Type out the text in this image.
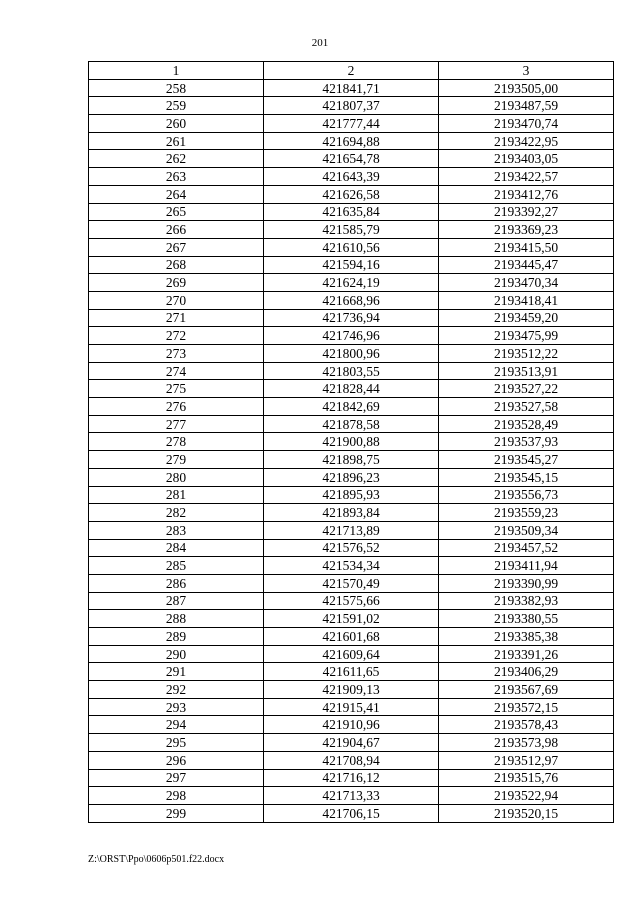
201
1	2	3
258	421841,71	2193505,00
259	421807,37	2193487,59
260	421777,44	2193470,74
261	421694,88	2193422,95
262	421654,78	2193403,05
263	421643,39	2193422,57
264	421626,58	2193412,76
265	421635,84	2193392,27
266	421585,79	2193369,23
267	421610,56	2193415,50
268	421594,16	2193445,47
269	421624,19	2193470,34
270	421668,96	2193418,41
271	421736,94	2193459,20
272	421746,96	2193475,99
273	421800,96	2193512,22
274	421803,55	2193513,91
275	421828,44	2193527,22
276	421842,69	2193527,58
277	421878,58	2193528,49
278	421900,88	2193537,93
279	421898,75	2193545,27
280	421896,23	2193545,15
281	421895,93	2193556,73
282	421893,84	2193559,23
283	421713,89	2193509,34
284	421576,52	2193457,52
285	421534,34	2193411,94
286	421570,49	2193390,99
287	421575,66	2193382,93
288	421591,02	2193380,55
289	421601,68	2193385,38
290	421609,64	2193391,26
291	421611,65	2193406,29
292	421909,13	2193567,69
293	421915,41	2193572,15
294	421910,96	2193578,43
295	421904,67	2193573,98
296	421708,94	2193512,97
297	421716,12	2193515,76
298	421713,33	2193522,94
299	421706,15	2193520,15
Z:\ORST\Ppo\0606p501.f22.docx
